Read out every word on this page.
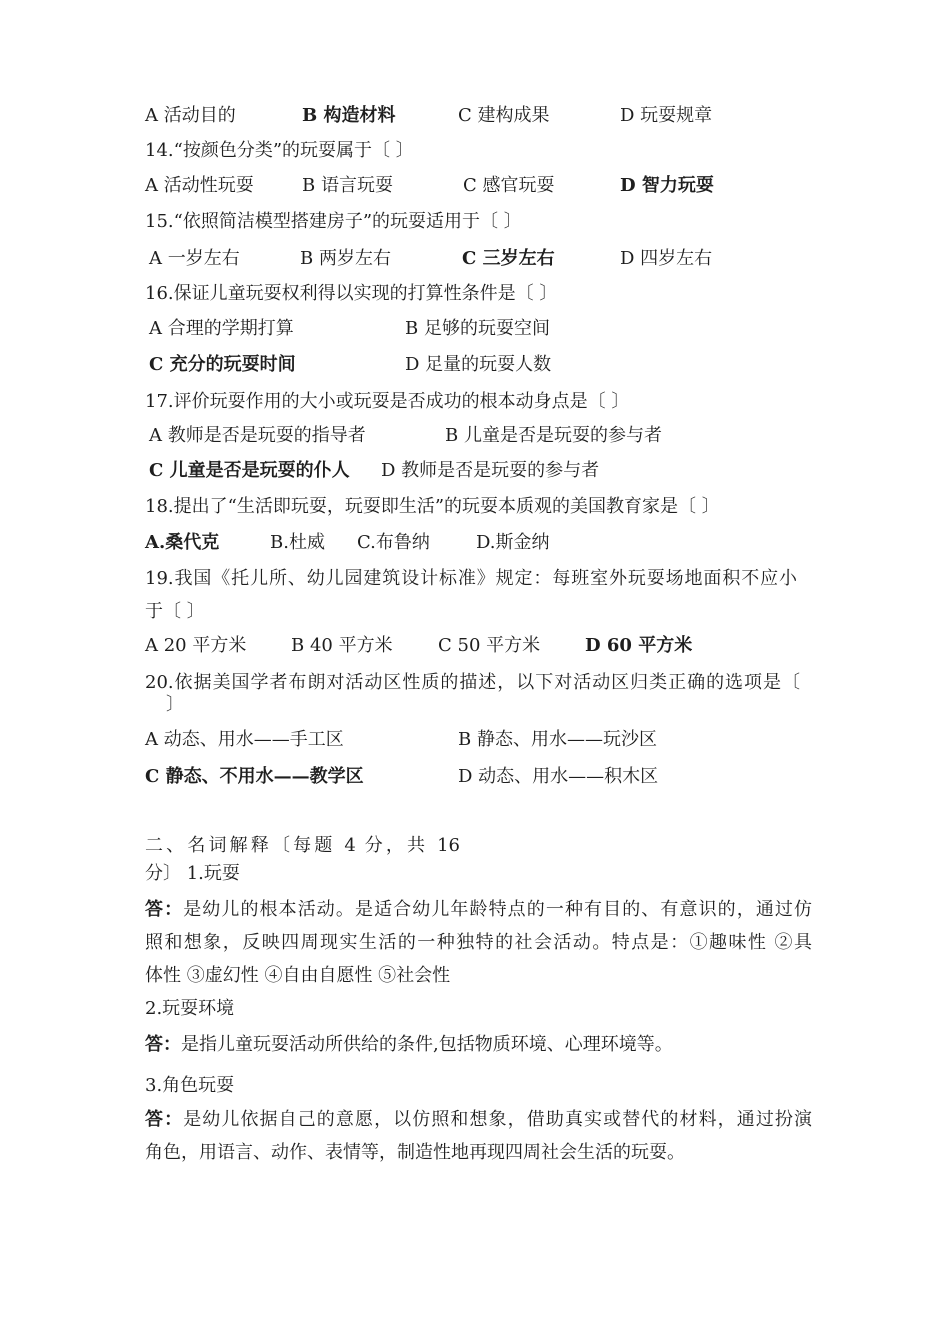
A 活动目的	B 构造材料	C 建构成果	D 玩耍规章
14.“按颜色分类”的玩耍属于〔 〕
A 活动性玩耍	B 语言玩耍	C 感官玩耍	D 智力玩耍
15.“依照简洁模型搭建房子”的玩耍适用于〔 〕
A 一岁左右	B 两岁左右	C 三岁左右	D 四岁左右
16.保证儿童玩耍权利得以实现的打算性条件是〔 〕
A 合理的学期打算	B 足够的玩耍空间
C 充分的玩耍时间	D 足量的玩耍人数
17.评价玩耍作用的大小或玩耍是否成功的根本动身点是〔 〕
A 教师是否是玩耍的指导者	B 儿童是否是玩耍的参与者
C 儿童是否是玩耍的仆人 D 教师是否是玩耍的参与者
18.提出了“生活即玩耍，玩耍即生活”的玩耍本质观的美国教育家是〔 〕
A.桑代克	B.杜威 C.布鲁纳	D.斯金纳
19.我国《托儿所、幼儿园建筑设计标准》规定：每班室外玩耍场地面积不应小
于〔 〕
A 20 平方米 B 40 平方米	C 50 平方米 D 60 平方米
20.依据美国学者布朗对活动区性质的描述，以下对活动区归类正确的选项是〔
〕
A 动态、用水——手工区	B 静态、用水——玩沙区
C 静态、不用水——教学区	D 动态、用水——积木区
二、名词解释〔每题 4 分，共 16
分〕 1.玩耍
答：是幼儿的根本活动。是适合幼儿年龄特点的一种有目的、有意识的，通过仿
照和想象，反映四周现实生活的一种独特的社会活动。特点是：①趣味性 ②具
体性 ③虚幻性 ④自由自愿性 ⑤社会性
2.玩耍环境
答：是指儿童玩耍活动所供给的条件,包括物质环境、心理环境等。
3.角色玩耍
答：是幼儿依据自己的意愿，以仿照和想象，借助真实或替代的材料，通过扮演
角色，用语言、动作、表情等，制造性地再现四周社会生活的玩耍。
